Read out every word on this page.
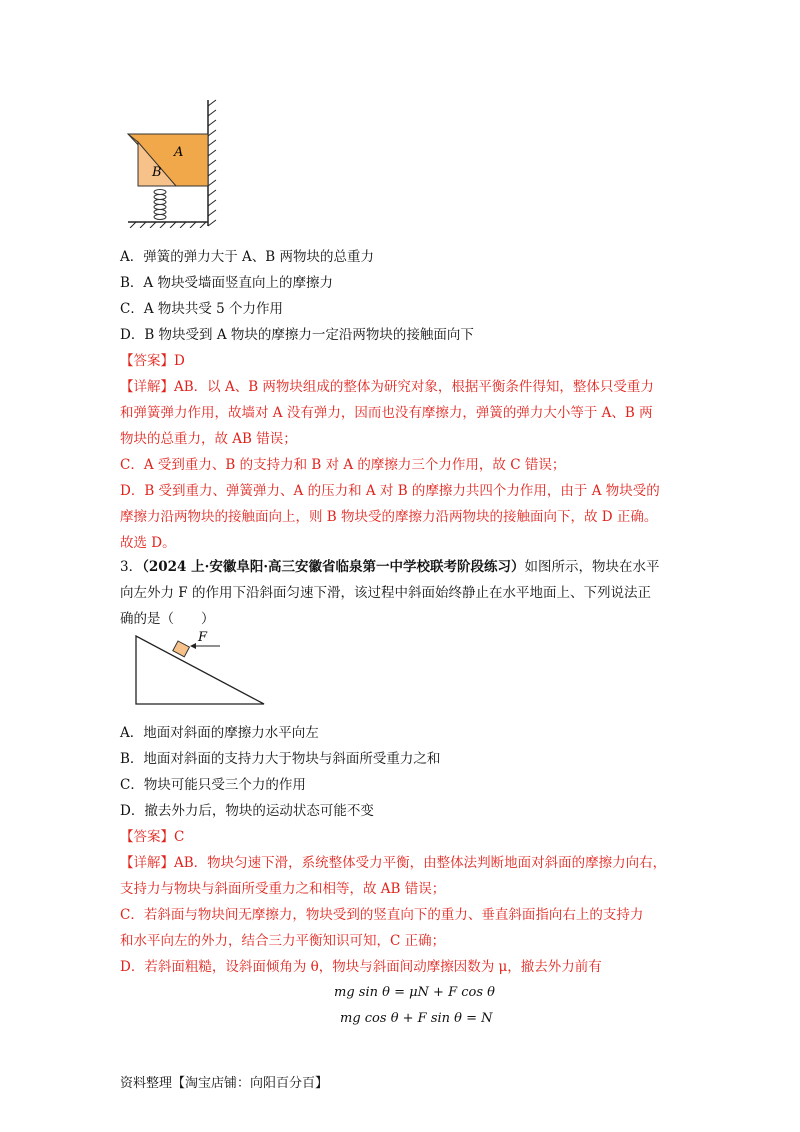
A
B
A．弹簧的弹力大于 A、B 两物块的总重力
B．A 物块受墙面竖直向上的摩擦力
C．A 物块共受 5 个力作用
D．B 物块受到 A 物块的摩擦力一定沿两物块的接触面向下
【答案】D
【详解】AB．以 A、B 两物块组成的整体为研究对象，根据平衡条件得知，整体只受重力
和弹簧弹力作用，故墙对 A 没有弹力，因而也没有摩擦力，弹簧的弹力大小等于 A、B 两
物块的总重力，故 AB 错误；
C．A 受到重力、B 的支持力和 B 对 A 的摩擦力三个力作用，故 C 错误；
D．B 受到重力、弹簧弹力、A 的压力和 A 对 B 的摩擦力共四个力作用，由于 A 物块受的
摩擦力沿两物块的接触面向上，则 B 物块受的摩擦力沿两物块的接触面向下，故 D 正确。
故选 D。
3．（2024 上·安徽阜阳·高三安徽省临泉第一中学校联考阶段练习）如图所示，物块在水平
向左外力 F 的作用下沿斜面匀速下滑，该过程中斜面始终静止在水平地面上、下列说法正
确的是（　　）
F
A．地面对斜面的摩擦力水平向左
B．地面对斜面的支持力大于物块与斜面所受重力之和
C．物块可能只受三个力的作用
D．撤去外力后，物块的运动状态可能不变
【答案】C
【详解】AB．物块匀速下滑，系统整体受力平衡，由整体法判断地面对斜面的摩擦力向右，
支持力与物块与斜面所受重力之和相等，故 AB 错误；
C．若斜面与物块间无摩擦力，物块受到的竖直向下的重力、垂直斜面指向右上的支持力
和水平向左的外力，结合三力平衡知识可知，C 正确；
D．若斜面粗糙，设斜面倾角为 θ，物块与斜面间动摩擦因数为 μ，撤去外力前有
mg sin θ = μN + F cos θ
mg cos θ + F sin θ = N
资料整理【淘宝店铺：向阳百分百】
